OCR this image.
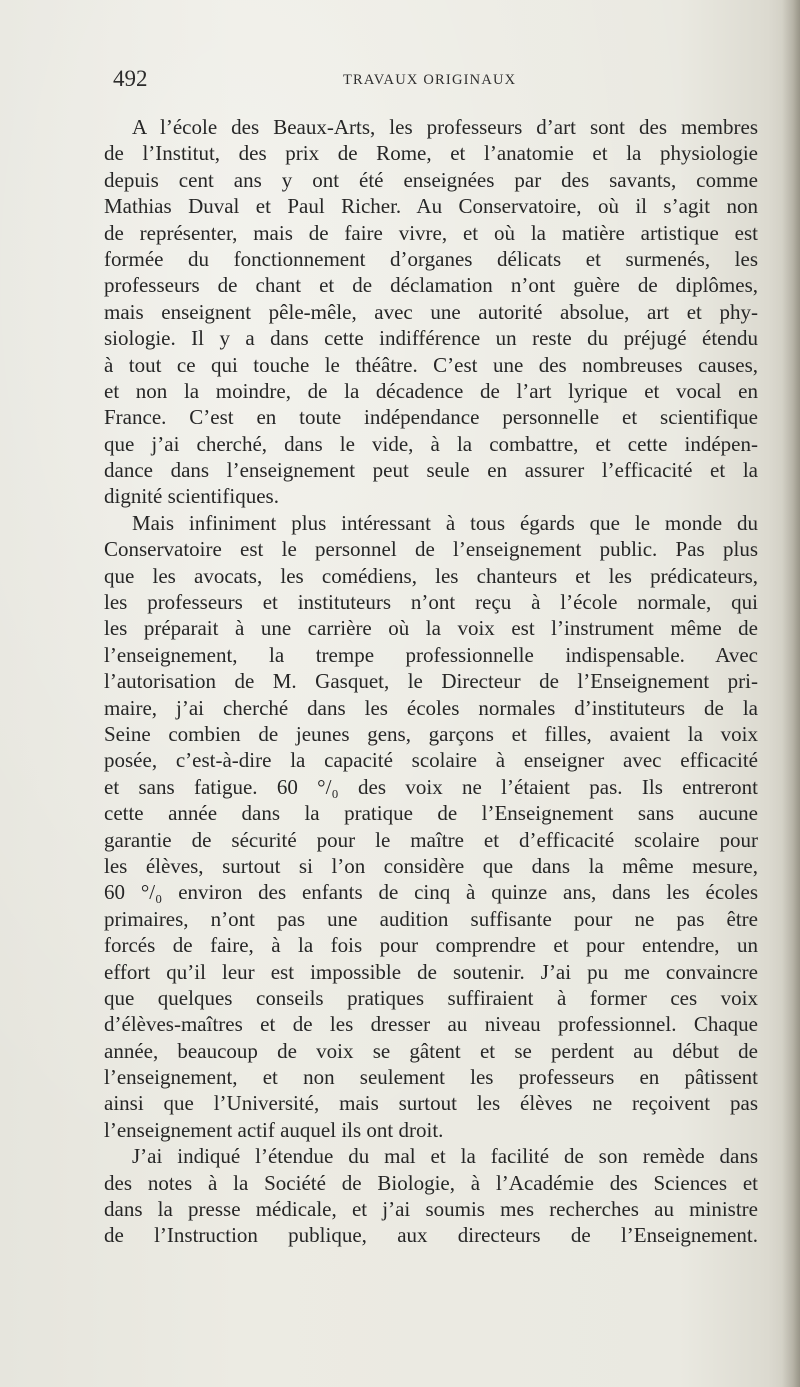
492	TRAVAUX ORIGINAUX
A l’école des Beaux-Arts, les professeurs d’art sont des membres
de l’Institut, des prix de Rome, et l’anatomie et la physiologie
depuis cent ans y ont été enseignées par des savants, comme
Mathias Duval et Paul Richer. Au Conservatoire, où il s’agit non
de représenter, mais de faire vivre, et où la matière artistique est
formée du fonctionnement d’organes délicats et surmenés, les
professeurs de chant et de déclamation n’ont guère de diplômes,
mais enseignent pêle-mêle, avec une autorité absolue, art et phy-
siologie. Il y a dans cette indifférence un reste du préjugé étendu
à tout ce qui touche le théâtre. C’est une des nombreuses causes,
et non la moindre, de la décadence de l’art lyrique et vocal en
France. C’est en toute indépendance personnelle et scientifique
que j’ai cherché, dans le vide, à la combattre, et cette indépen-
dance dans l’enseignement peut seule en assurer l’efficacité et la
dignité scientifiques.
Mais infiniment plus intéressant à tous égards que le monde du
Conservatoire est le personnel de l’enseignement public. Pas plus
que les avocats, les comédiens, les chanteurs et les prédicateurs,
les professeurs et instituteurs n’ont reçu à l’école normale, qui
les préparait à une carrière où la voix est l’instrument même de
l’enseignement, la trempe professionnelle indispensable. Avec
l’autorisation de M. Gasquet, le Directeur de l’Enseignement pri-
maire, j’ai cherché dans les écoles normales d’instituteurs de la
Seine combien de jeunes gens, garçons et filles, avaient la voix
posée, c’est-à-dire la capacité scolaire à enseigner avec efficacité
et sans fatigue. 60 °/₀ des voix ne l’étaient pas. Ils entreront
cette année dans la pratique de l’Enseignement sans aucune
garantie de sécurité pour le maître et d’efficacité scolaire pour
les élèves, surtout si l’on considère que dans la même mesure,
60 °/₀ environ des enfants de cinq à quinze ans, dans les écoles
primaires, n’ont pas une audition suffisante pour ne pas être
forcés de faire, à la fois pour comprendre et pour entendre, un
effort qu’il leur est impossible de soutenir. J’ai pu me convaincre
que quelques conseils pratiques suffiraient à former ces voix
d’élèves-maîtres et de les dresser au niveau professionnel. Chaque
année, beaucoup de voix se gâtent et se perdent au début de
l’enseignement, et non seulement les professeurs en pâtissent
ainsi que l’Université, mais surtout les élèves ne reçoivent pas
l’enseignement actif auquel ils ont droit.
J’ai indiqué l’étendue du mal et la facilité de son remède dans
des notes à la Société de Biologie, à l’Académie des Sciences et
dans la presse médicale, et j’ai soumis mes recherches au ministre
de l’Instruction publique, aux directeurs de l’Enseignement.
